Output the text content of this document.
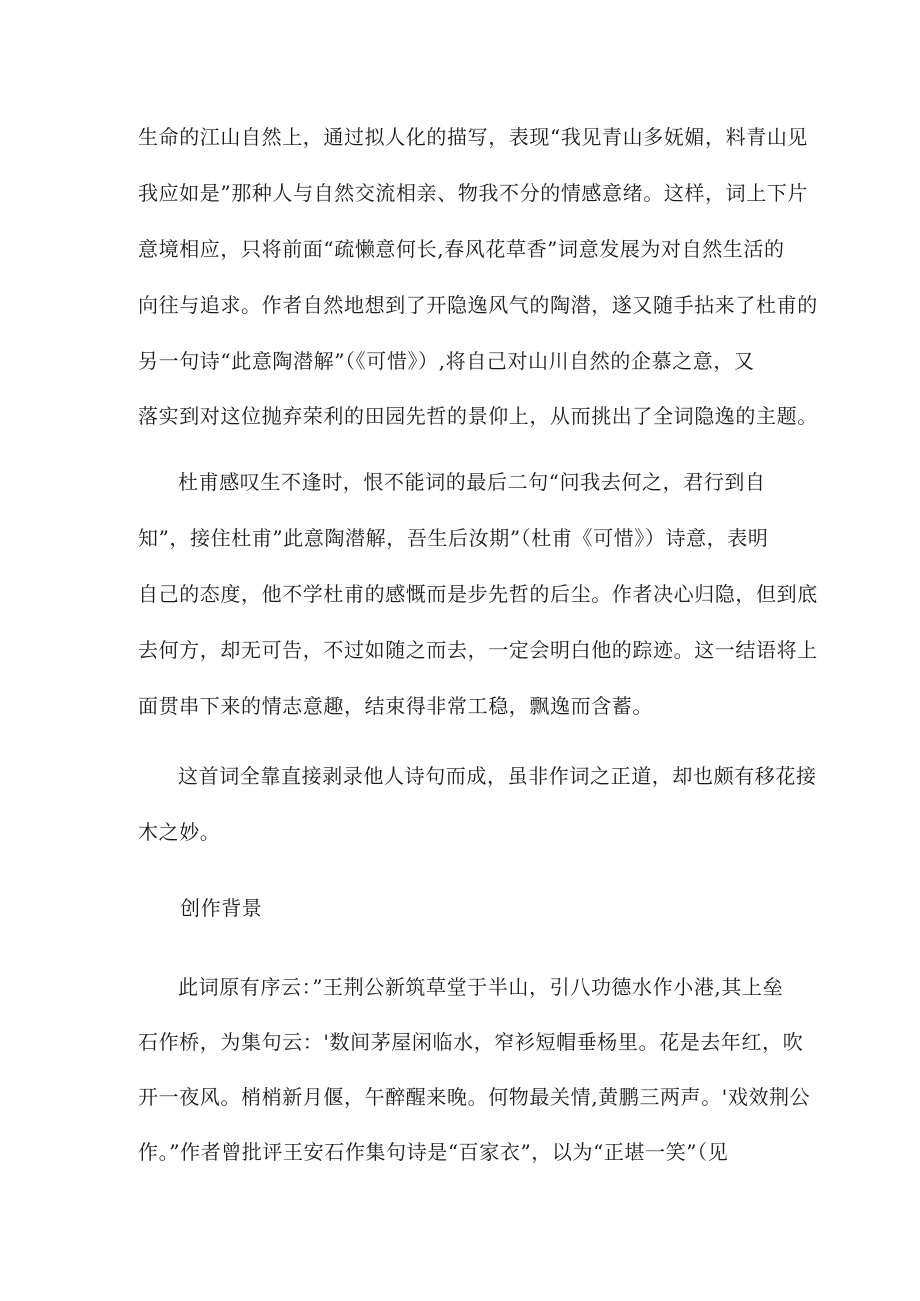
生命的江山自然上，通过拟人化的描写，表现“我见青山多妩媚，料青山见
我应如是”那种人与自然交流相亲、物我不分的情感意绪。这样，词上下片
意境相应，只将前面“疏懒意何长,春风花草香”词意发展为对自然生活的
向往与追求。作者自然地想到了开隐逸风气的陶潜，遂又随手拈来了杜甫的
另一句诗“此意陶潜解”（《可惜》）,将自己对山川自然的企慕之意，又
落实到对这位抛弃荣利的田园先哲的景仰上，从而挑出了全词隐逸的主题。
杜甫感叹生不逢时，恨不能词的最后二句“问我去何之，君行到自
知”，接住杜甫”此意陶潜解，吾生后汝期”（杜甫《可惜》）诗意，表明
自己的态度，他不学杜甫的感慨而是步先哲的后尘。作者决心归隐，但到底
去何方，却无可告，不过如随之而去，一定会明白他的踪迹。这一结语将上
面贯串下来的情志意趣，结束得非常工稳，飘逸而含蓄。
这首词全靠直接剥录他人诗句而成，虽非作词之正道，却也颇有移花接
木之妙。
创作背景
此词原有序云：”王荆公新筑草堂于半山，引八功德水作小港,其上垒
石作桥，为集句云：'数间茅屋闲临水，窄衫短帽垂杨里。花是去年红，吹
开一夜风。梢梢新月偃，午醉醒来晚。何物最关情,黄鹏三两声。'戏效荆公
作。”作者曾批评王安石作集句诗是“百家衣”，以为“正堪一笑”（见
